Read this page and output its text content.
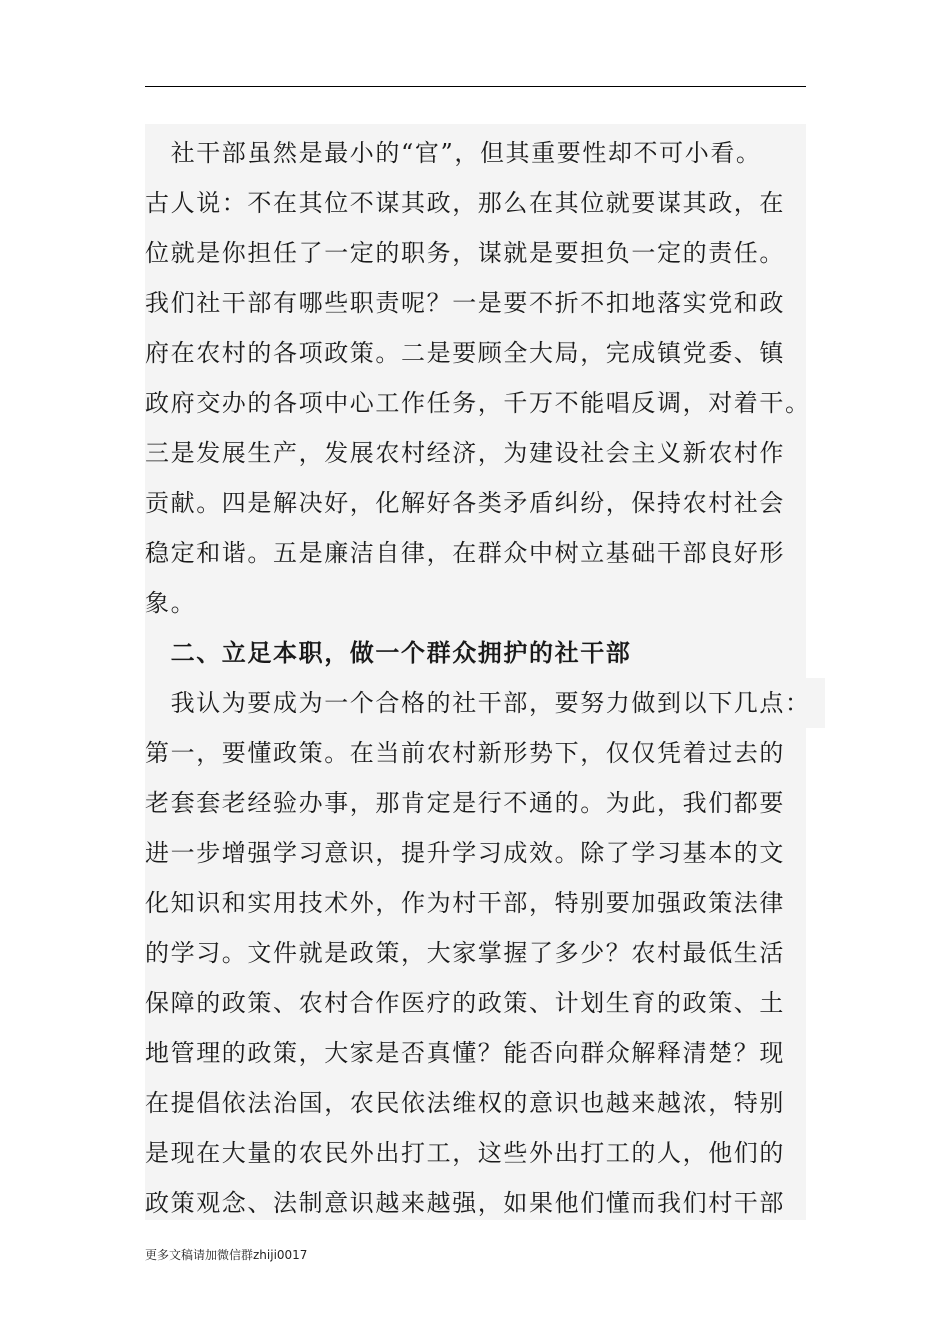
　社干部虽然是最小的“官”，但其重要性却不可小看。
古人说：不在其位不谋其政，那么在其位就要谋其政，在
位就是你担任了一定的职务，谋就是要担负一定的责任。
我们社干部有哪些职责呢？一是要不折不扣地落实党和政
府在农村的各项政策。二是要顾全大局，完成镇党委、镇
政府交办的各项中心工作任务，千万不能唱反调，对着干。
三是发展生产，发展农村经济，为建设社会主义新农村作
贡献。四是解决好，化解好各类矛盾纠纷，保持农村社会
稳定和谐。五是廉洁自律，在群众中树立基础干部良好形
象。
　二、立足本职，做一个群众拥护的社干部
　我认为要成为一个合格的社干部，要努力做到以下几点：
第一，要懂政策。在当前农村新形势下，仅仅凭着过去的
老套套老经验办事，那肯定是行不通的。为此，我们都要
进一步增强学习意识，提升学习成效。除了学习基本的文
化知识和实用技术外，作为村干部，特别要加强政策法律
的学习。文件就是政策，大家掌握了多少？农村最低生活
保障的政策、农村合作医疗的政策、计划生育的政策、土
地管理的政策，大家是否真懂？能否向群众解释清楚？现
在提倡依法治国，农民依法维权的意识也越来越浓，特别
是现在大量的农民外出打工，这些外出打工的人，他们的
政策观念、法制意识越来越强，如果他们懂而我们村干部
更多文稿请加微信群zhiji0017
